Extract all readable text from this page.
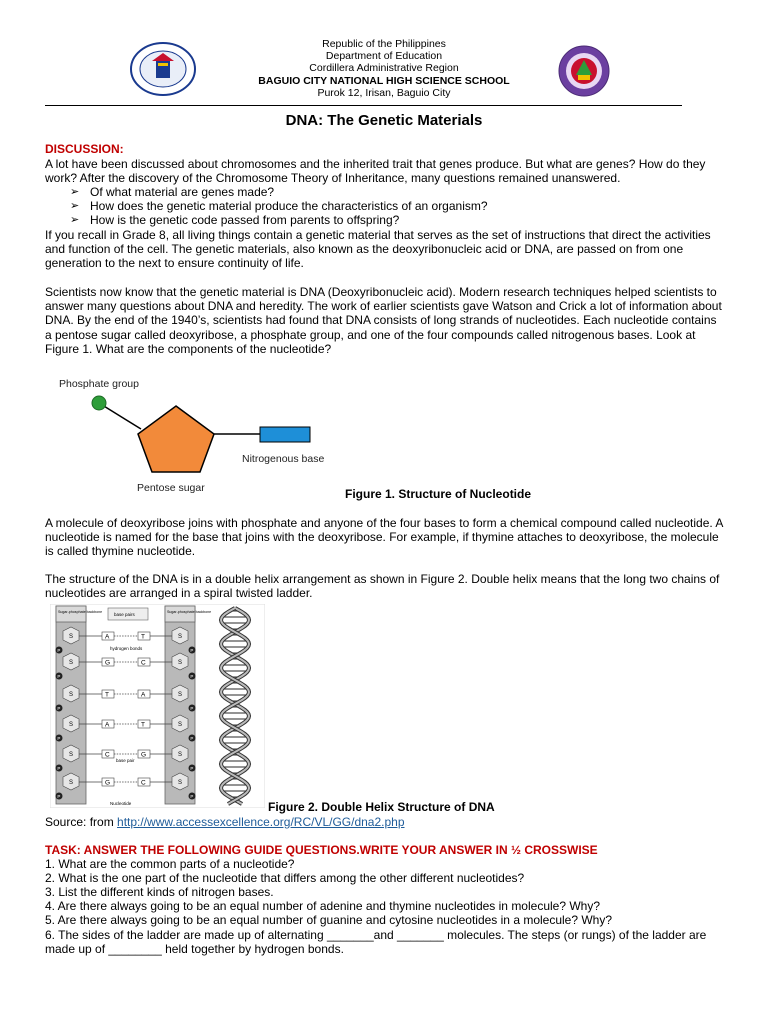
Republic of the Philippines
Department of Education
Cordillera Administrative Region
BAGUIO CITY NATIONAL HIGH SCIENCE SCHOOL
Purok 12, Irisan, Baguio City
DNA: The Genetic Materials
DISCUSSION:
A lot have been discussed about chromosomes and the inherited trait that genes produce. But what are genes? How do they work? After the discovery of the Chromosome Theory of Inheritance, many questions remained unanswered.
➢ Of what material are genes made?
➢ How does the genetic material produce the characteristics of an organism?
➢ How is the genetic code passed from parents to offspring?
If you recall in Grade 8, all living things contain a genetic material that serves as the set of instructions that direct the activities and function of the cell. The genetic materials, also known as the deoxyribonucleic acid or DNA, are passed on from one generation to the next to ensure continuity of life.
Scientists now know that the genetic material is DNA (Deoxyribonucleic acid). Modern research techniques helped scientists to answer many questions about DNA and heredity. The work of earlier scientists gave Watson and Crick a lot of information about DNA. By the end of the 1940’s, scientists had found that DNA consists of long strands of nucleotides. Each nucleotide contains a pentose sugar called deoxyribose, a phosphate group, and one of the four compounds called nitrogenous bases. Look at Figure 1. What are the components of the nucleotide?
Phosphate group
Nitrogenous base
Pentose sugar	Figure 1. Structure of Nucleotide
A molecule of deoxyribose joins with phosphate and anyone of the four bases to form a chemical compound called nucleotide. A nucleotide is named for the base that joins with the deoxyribose. For example, if thymine attaches to deoxyribose, the molecule is called thymine nucleotide.
The structure of the DNA is in a double helix arrangement as shown in Figure 2. Double helix means that the long two chains of nucleotides are arranged in a spiral twisted ladder.
Sugar-phosphate backbone	Sugar-phosphate backbone
base pairs
hydrogen bonds
base pair
Nucleotide
S
P
S
P
S
P
S
P
S
P
S
P
S
P
S
P
S
P
S
P
S
P
S
P
A	T
G	C
T	A
A	T
C	G
G	C
Figure 2. Double Helix Structure of DNA
Source: from http://www.accessexcellence.org/RC/VL/GG/dna2.php
TASK: ANSWER THE FOLLOWING GUIDE QUESTIONS.WRITE YOUR ANSWER IN ½ CROSSWISE
1. What are the common parts of a nucleotide?
2. What is the one part of the nucleotide that differs among the other different nucleotides?
3. List the different kinds of nitrogen bases.
4. Are there always going to be an equal number of adenine and thymine nucleotides in molecule? Why?
5. Are there always going to be an equal number of guanine and cytosine nucleotides in a molecule? Why?
6. The sides of the ladder are made up of alternating _______and _______ molecules. The steps (or rungs) of the ladder are made up of ________ held together by hydrogen bonds.
